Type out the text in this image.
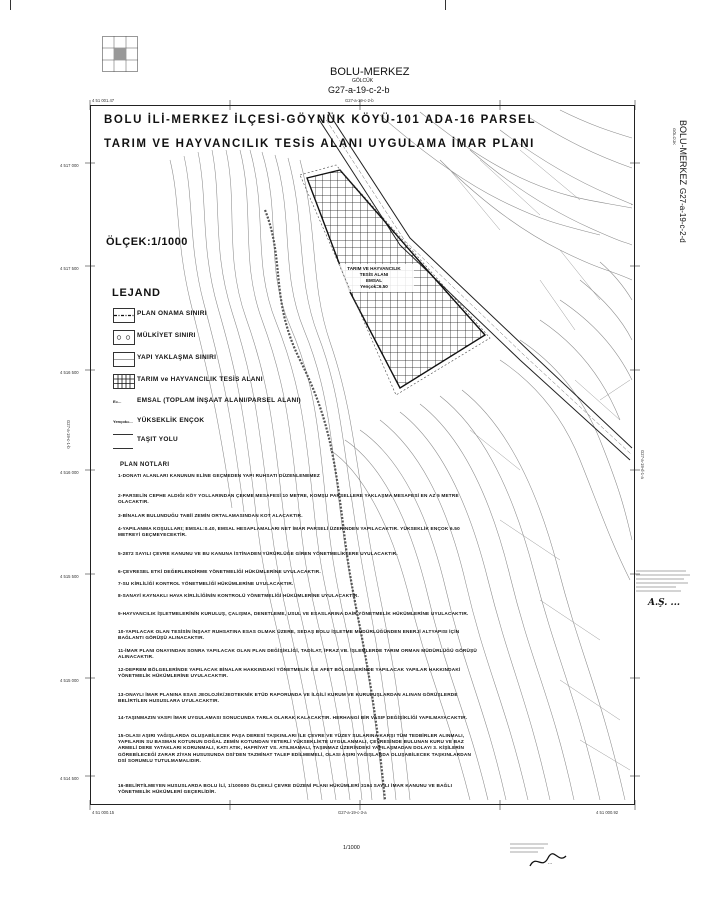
BOLU-MERKEZ
GÖLCÜK
G27-a-19-c-2-b
4 51 001.47	G27-a-19-c-2-b
4 517 000
4 517 500
4 516 500
4 516 000
4 515 500
4 515 000
4 514 500
4 51 000.15	G27-a-19-c-3-a	4 51 000.92
G27-a-19-c-1-b
G27-a-19-d-1-a
BOLU İLİ-MERKEZ İLÇESİ-GÖYNÜK KÖYÜ-101 ADA-16 PARSEL
TARIM VE HAYVANCILIK TESİS ALANI UYGULAMA İMAR PLANI
ÖLÇEK:1/1000
TARIM VE HAYVANCILIK
TESİS ALANI
EMSAL
Yençok=6.50
LEJAND
PLAN ONAMA SINIRI
MÜLKİYET SINIRI
YAPI YAKLAŞMA SINIRI
TARIM ve HAYVANCILIK TESİS ALANI
E=...	EMSAL (TOPLAM İNŞAAT ALANI/PARSEL ALANI)
Yençok=... YÜKSEKLİK ENÇOK
TAŞIT YOLU
PLAN NOTLARI
1-DONATI ALANLARI KANUNUN ELİNE GEÇMEDEN YAPI RUHSATI DÜZENLENEMEZ
2-PARSELİN CEPHE ALDIĞI KÖY YOLLARINDAN ÇEKME MESAFESİ 10 METRE, KOMŞU PARSELLERE YAKLAŞMA MESAFESİ EN AZ 5 METRE OLACAKTIR.
3-BİNALAR BULUNDUĞU TABİİ ZEMİN ORTALAMASINDAN KOT ALACAKTIR.
4-YAPILANMA KOŞULLARI; EMSAL:0.40, EMSAL HESAPLAMALARI NET İMAR PARSELİ ÜZERİNDEN YAPILACAKTIR. YÜKSEKLİK ENÇOK 6.50 METREYİ GEÇMEYECEKTİR.
5-2872 SAYILI ÇEVRE KANUNU VE BU KANUNA İSTİNADEN YÜRÜRLÜĞE GİREN YÖNETMELİKLERE UYULACAKTIR.
6-ÇEVRESEL ETKİ DEĞERLENDİRME YÖNETMELİĞİ HÜKÜMLERİNE UYULACAKTIR.
7-SU KİRLİLİĞİ KONTROL YÖNETMELİĞİ HÜKÜMLERİNE UYULACAKTIR.
8-SANAYİ KAYNAKLI HAVA KİRLİLİĞİNİN KONTROLÜ YÖNETMELİĞİ HÜKÜMLERİNE UYULACAKTIR.
9-HAYVANCILIK İŞLETMELERİNİN KURULUŞ, ÇALIŞMA, DENETLEME, USUL VE ESASLARINA DAİR YÖNETMELİK HÜKÜMLERİNE UYULACAKTIR.
10-YAPILACAK OLAN TESİSİN İNŞAAT RUHSATINA ESAS OLMAK ÜZERE, SEDAŞ BOLU İŞLETME MÜDÜRLÜĞÜNDEN ENERJİ ALTYAPISI İÇİN BAĞLANTI GÖRÜŞÜ ALINACAKTIR.
11-İMAR PLANI ONAYINDAN SONRA YAPILACAK OLAN PLAN DEĞİŞİKLİĞİ, TADİLAT, İFRAZ VB. İŞLEMLERDE TARIM ORMAN MÜDÜRLÜĞÜ GÖRÜŞÜ ALINACAKTIR.
12-DEPREM BÖLGELERİNDE YAPILACAK BİNALAR HAKKINDAKİ YÖNETMELİK İLE AFET BÖLGELERİNDE YAPILACAK YAPILAR HAKKINDAKİ YÖNETMELİK HÜKÜMLERİNE UYULACAKTIR.
13-ONAYLI İMAR PLANINA ESAS JEOLOJİK/JEOTEKNİK ETÜD RAPORUNDA VE İLGİLİ KURUM VE KURULUŞLARDAN ALINAN GÖRÜŞLERDE BELİRTİLEN HUSUSLARA UYULACAKTIR.
14-TAŞINMAZIN VASFI İMAR UYGULAMASI SONUCUNDA TARLA OLARAK KALACAKTIR. HERHANGİ BİR VASIF DEĞİŞİKLİĞİ YAPILMAYACAKTIR.
15-OLASI AŞIRI YAĞIŞLARDA OLUŞABİLECEK PAŞA DERESİ TAŞKINLARI İLE ÇEVRE VE YÜZEY SULARINA KARŞI TÜM TEDBİRLER ALINMALI, YAPILARIN SU BASMAN KOTUNUN DOĞAL ZEMİN KOTUNDAN YETERLİ YÜKSEKLİKTE UYGULANMALI, ÇEVRESİNDE BULUNAN KURU VE BAZ ARMELİ DERE YATAKLARI KORUNMALI, KATI ATIK, HAFRİYAT VS. ATILMAMALI, TAŞINMAZ ÜZERİNDEKİ YAPILAŞMADAN DOLAYI 3. KİŞİLERİN GÖREBİLECEĞİ ZARAR ZİYAN HUSUSUNDA DSİ'DEN TAZMİNAT TALEP EDİLMEMELİ, OLASI AŞIRI YAĞIŞLARDA OLUŞABİLECEK TAŞKINLARDAN DSİ SORUMLU TUTULMAMALIDIR.
16-BELİRTİLMEYEN HUSUSLARDA BOLU İLİ, 1/100000 ÖLÇEKLİ ÇEVRE DÜZENİ PLANI HÜKÜMLERİ 3194 SAYILI İMAR KANUNU VE BAĞLI YÖNETMELİK HÜKÜMLERİ GEÇERLİDİR.
BOLU-MERKEZ
GÖLCÜK
G27-a-19-c-2-d
A.Ş. ...
1/1000
...
